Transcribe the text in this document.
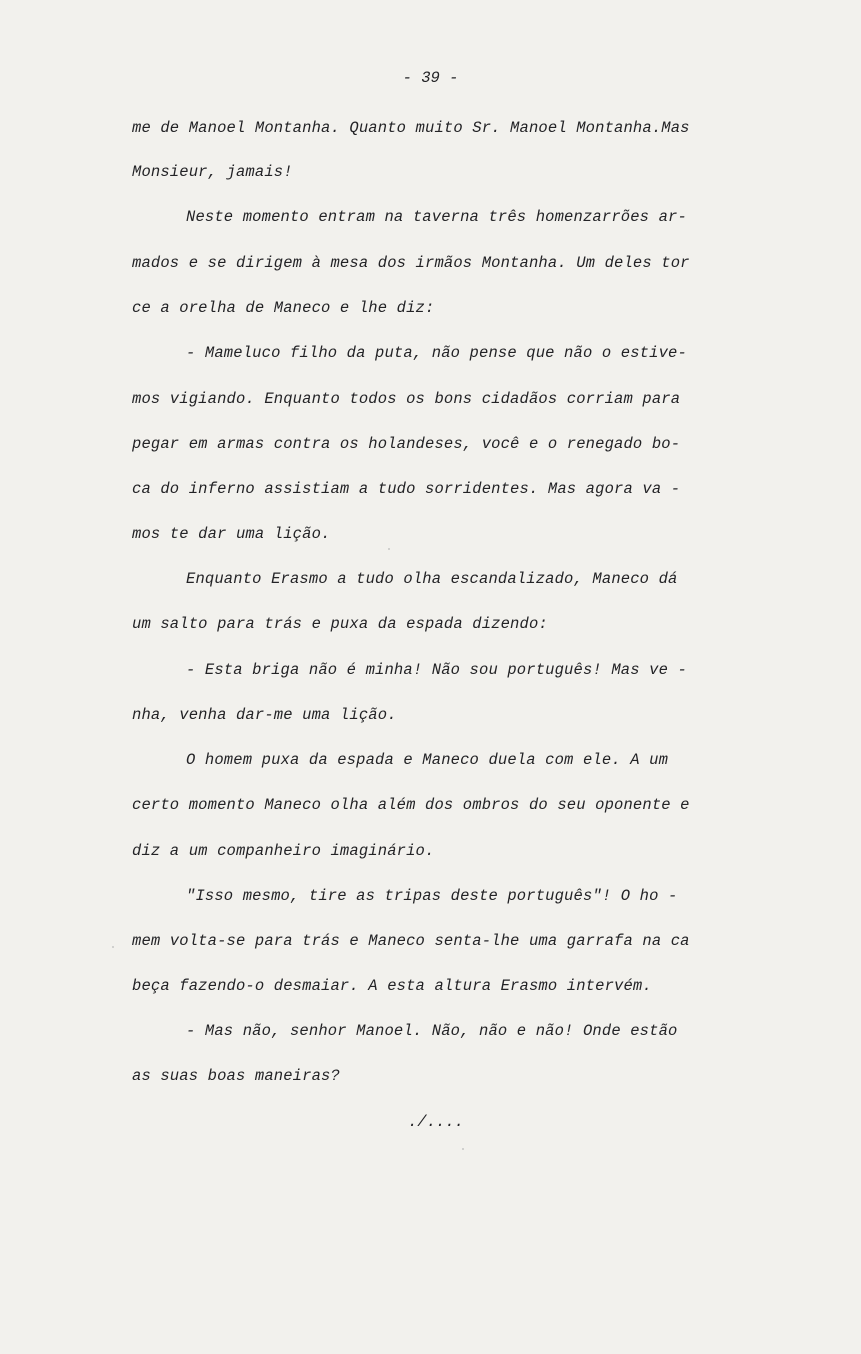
- 39 -
me de Manoel Montanha. Quanto muito Sr. Manoel Montanha.Mas
Monsieur, jamais!
Neste momento entram na taverna três homenzarrões ar-
mados e se dirigem à mesa dos irmãos Montanha. Um deles tor
ce a orelha de Maneco e lhe diz:
- Mameluco filho da puta, não pense que não o estive-
mos vigiando. Enquanto todos os bons cidadãos corriam para
pegar em armas contra os holandeses, você e o renegado bo-
ca do inferno assistiam a tudo sorridentes. Mas agora va -
mos te dar uma lição.
Enquanto Erasmo a tudo olha escandalizado, Maneco dá
um salto para trás e puxa da espada dizendo:
- Esta briga não é minha! Não sou português! Mas ve -
nha, venha dar-me uma lição.
O homem puxa da espada e Maneco duela com ele. A um
certo momento Maneco olha além dos ombros do seu oponente e
diz a um companheiro imaginário.
"Isso mesmo, tire as tripas deste português"! O ho -
mem volta-se para trás e Maneco senta-lhe uma garrafa na ca
beça fazendo-o desmaiar. A esta altura Erasmo intervém.
- Mas não, senhor Manoel. Não, não e não! Onde estão
as suas boas maneiras?
./....
